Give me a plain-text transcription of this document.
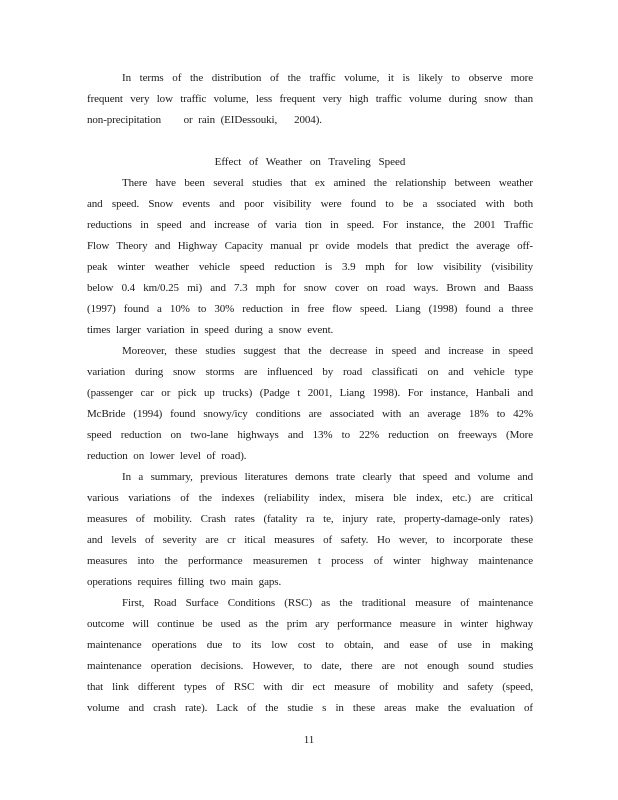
In terms of the distribution of the traffic volume, it is likely to observe more
frequent very low traffic volume, less frequent very high traffic volume during snow than
non-precipitation    or rain (EIDessouki,   2004).
Effect of Weather on Traveling Speed
There have been several studies that ex amined the relationship between weather
and speed. Snow events and poor visibility were found to be a ssociated with both
reductions in speed and increase of varia tion in speed. For instance, the 2001 Traffic
Flow Theory and Highway Capacity manual pr ovide models that predict the average off-
peak winter weather vehicle speed reduction is 3.9 mph for low visibility (visibility
below 0.4 km/0.25 mi) and 7.3 mph for snow cover on road ways. Brown and Baass
(1997) found a 10% to 30% reduction in free flow speed. Liang (1998) found a three
times larger variation in speed during a snow event.
Moreover, these studies suggest that the decrease in speed and increase in speed
variation during snow storms are influenced by road classificati on and vehicle type
(passenger car or pick up trucks) (Padge t 2001, Liang 1998). For instance, Hanbali and
McBride (1994) found snowy/icy conditions are associated with an average 18% to 42%
speed reduction on two-lane highways and 13% to 22% reduction on freeways (More
reduction on lower level of road).
In a summary, previous literatures demons trate clearly that speed and volume and
various variations of the indexes (reliability index, misera ble index, etc.) are critical
measures of mobility. Crash rates (fatality ra te, injury rate, property-damage-only rates)
and levels of severity are cr itical measures of safety. Ho wever, to incorporate these
measures into the performance measuremen t process of winter highway maintenance
operations requires filling two main gaps.
First, Road Surface Conditions (RSC) as the traditional measure of maintenance
outcome will continue be used as the prim ary performance measure in winter highway
maintenance operations due to its low cost to obtain, and ease of use in making
maintenance operation decisions. However, to date, there are not enough sound studies
that link different types of RSC with dir ect measure of mobility and safety (speed,
volume and crash rate). Lack of the studie s in these areas make the evaluation of
11
